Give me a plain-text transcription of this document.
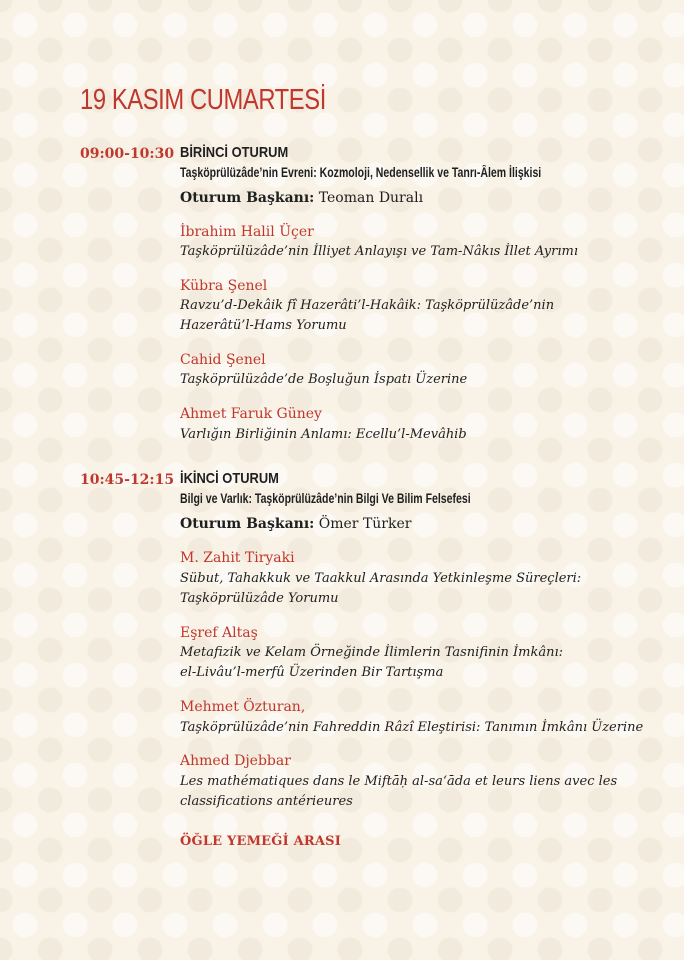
19 KASIM CUMARTESİ
09:00-10:30 BİRİNCİ OTURUM
Taşköprülüzâde’nin Evreni: Kozmoloji, Nedensellik ve Tanrı-Âlem İlişkisi
Oturum Başkanı: Teoman Duralı
İbrahim Halil Üçer
Taşköprülüzâde’nin İlliyet Anlayışı ve Tam-Nâkıs İllet Ayrımı
Kübra Şenel
Ravzu’d-Dekâik fî Hazerâti’l-Hakâik: Taşköprülüzâde’nin
Hazerâtü’l-Hams Yorumu
Cahid Şenel
Taşköprülüzâde’de Boşluğun İspatı Üzerine
Ahmet Faruk Güney
Varlığın Birliğinin Anlamı: Ecellu’l-Mevâhib
10:45-12:15 İKİNCİ OTURUM
Bilgi ve Varlık: Taşköprülüzâde’nin Bilgi Ve Bilim Felsefesi
Oturum Başkanı: Ömer Türker
M. Zahit Tiryaki
Sübut, Tahakkuk ve Taakkul Arasında Yetkinleşme Süreçleri:
Taşköprülüzâde Yorumu
Eşref Altaş
Metafizik ve Kelam Örneğinde İlimlerin Tasnifinin İmkânı:
el-Livâu’l-merfû Üzerinden Bir Tartışma
Mehmet Özturan,
Taşköprülüzâde’nin Fahreddin Râzî Eleştirisi: Tanımın İmkânı Üzerine
Ahmed Djebbar
Les mathématiques dans le Miftāḥ al-sa‘āda et leurs liens avec les
classifications antérieures
ÖĞLE YEMEĞİ ARASI
